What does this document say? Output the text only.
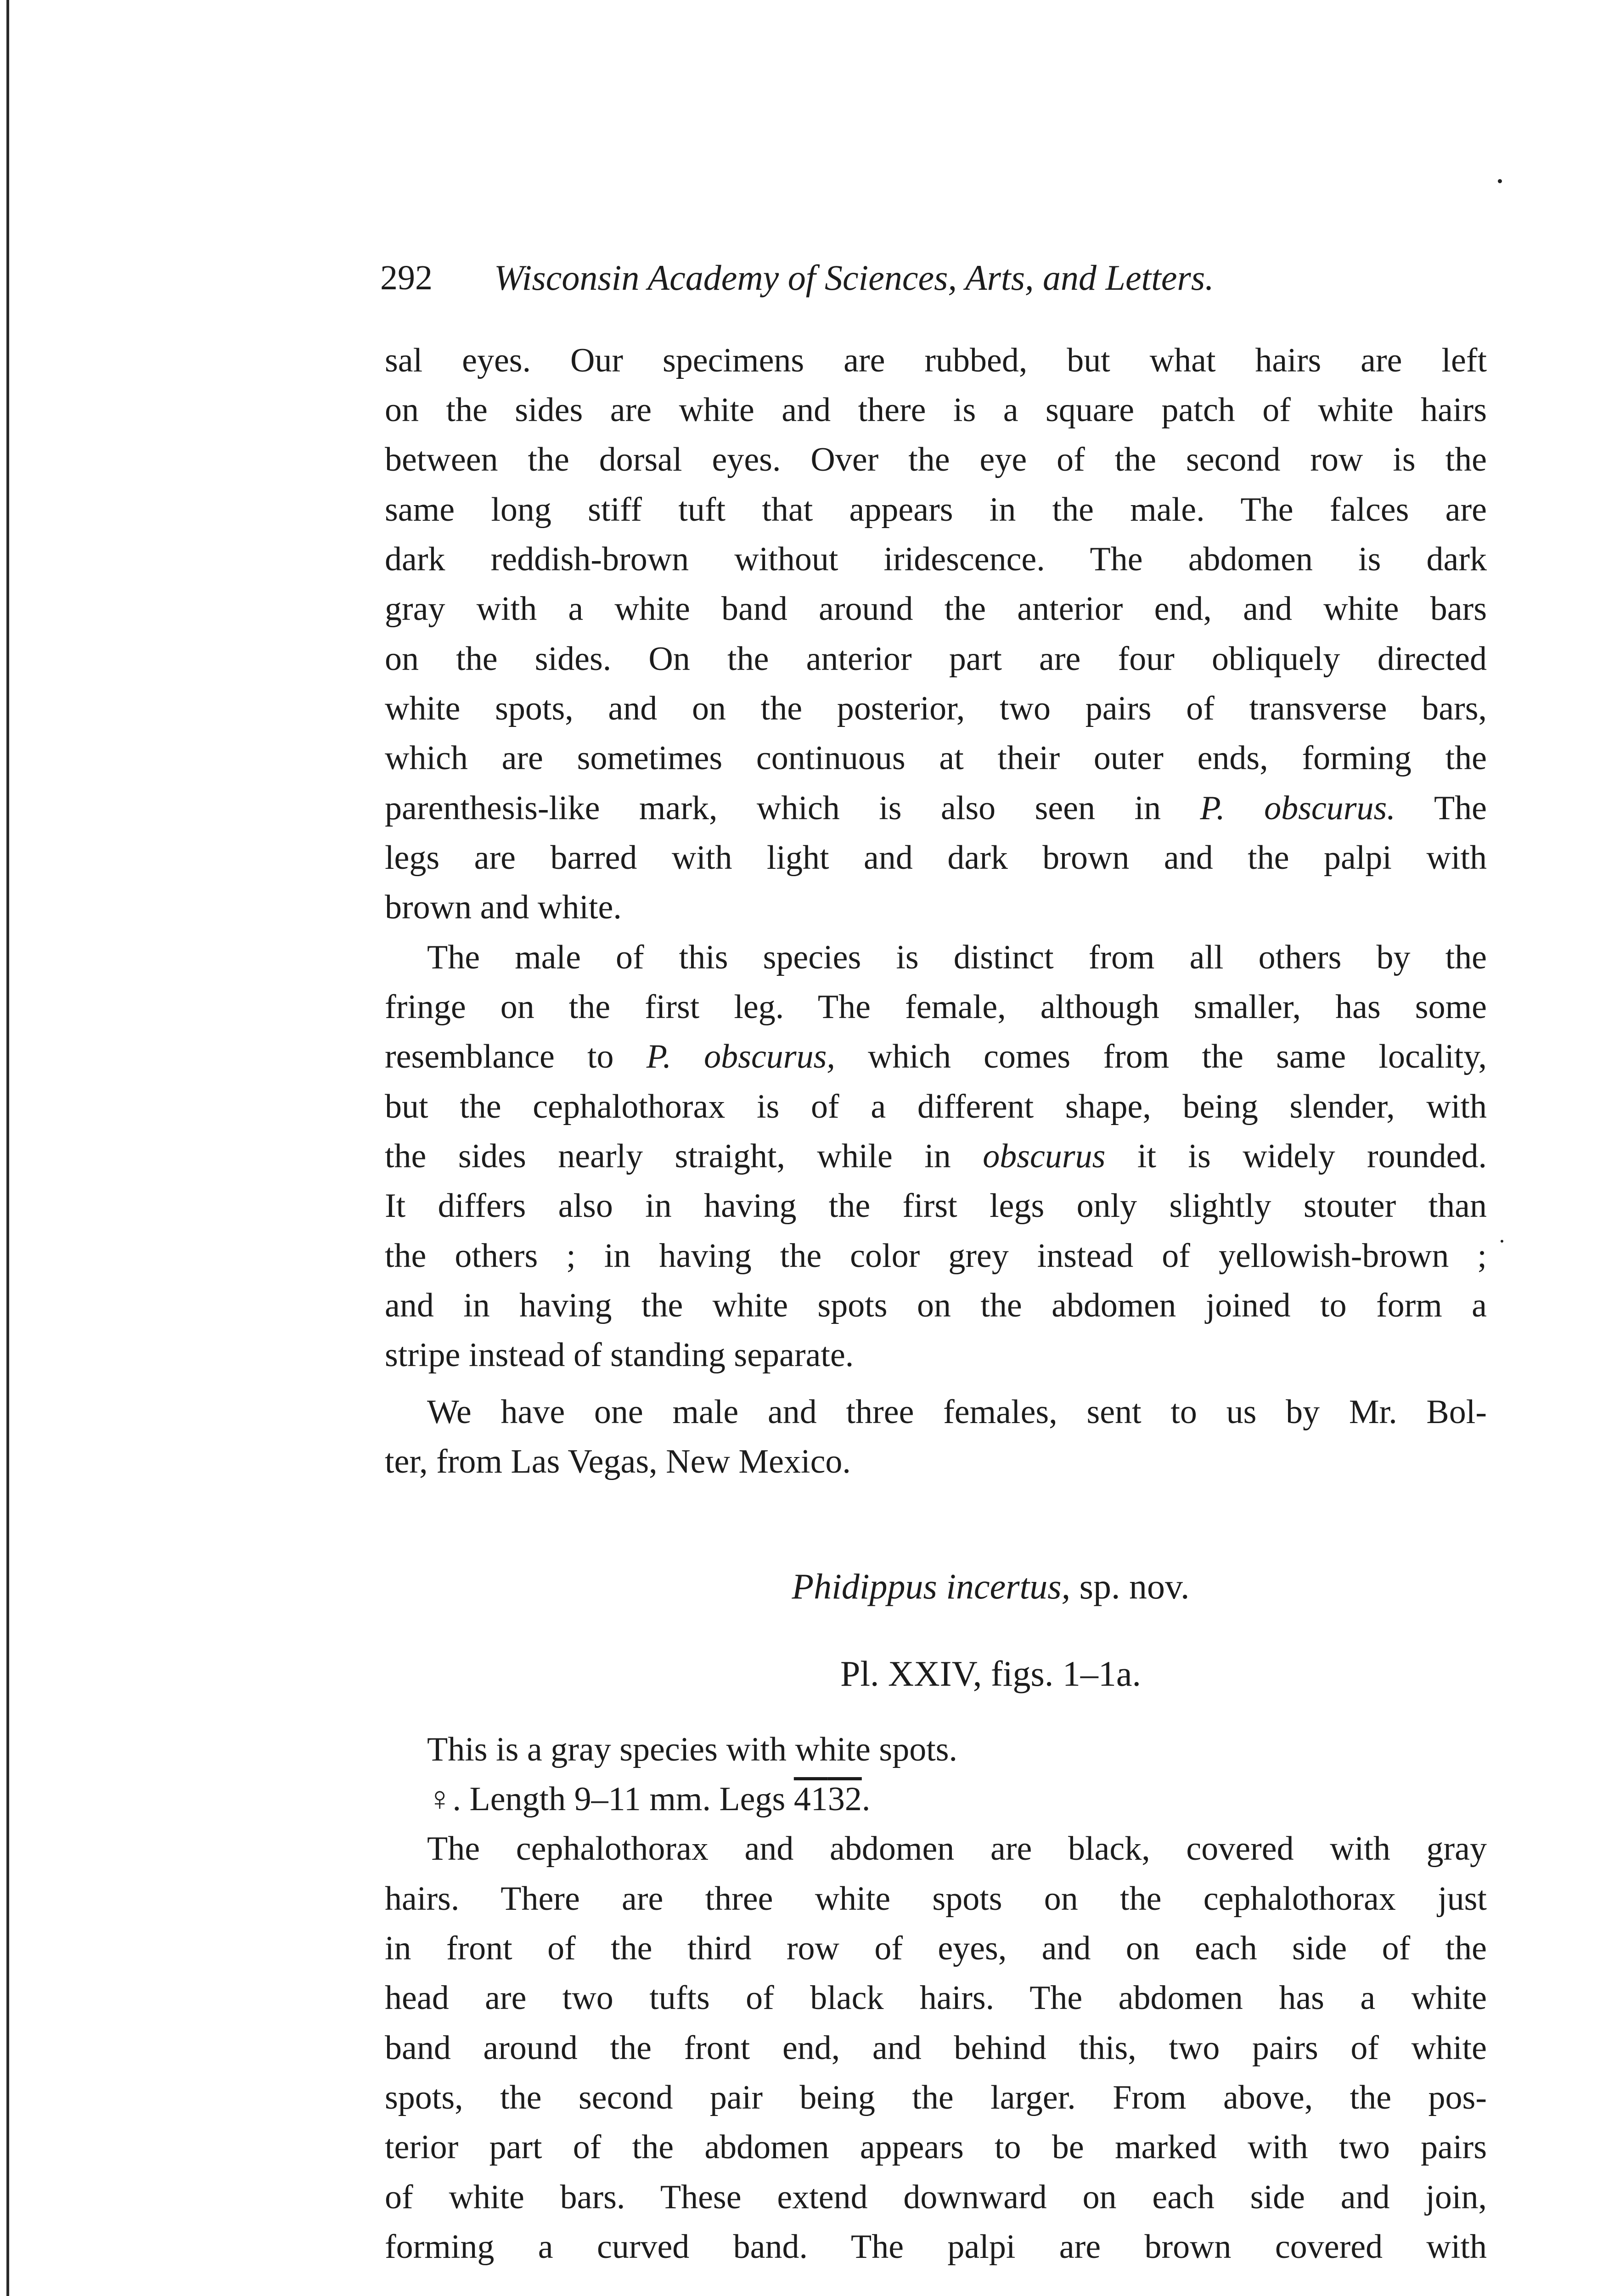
292 Wisconsin Academy of Sciences, Arts, and Letters.
sal eyes. Our specimens are rubbed, but what hairs are left
on the sides are white and there is a square patch of white hairs
between the dorsal eyes. Over the eye of the second row is the
same long stiff tuft that appears in the male. The falces are
dark reddish-brown without iridescence. The abdomen is dark
gray with a white band around the anterior end, and white bars
on the sides. On the anterior part are four obliquely directed
white spots, and on the posterior, two pairs of transverse bars,
which are sometimes continuous at their outer ends, forming the
parenthesis-like mark, which is also seen in P. obscurus. The
legs are barred with light and dark brown and the palpi with
brown and white.
The male of this species is distinct from all others by the
fringe on the first leg. The female, although smaller, has some
resemblance to P. obscurus, which comes from the same locality,
but the cephalothorax is of a different shape, being slender, with
the sides nearly straight, while in obscurus it is widely rounded.
It differs also in having the first legs only slightly stouter than
the others ; in having the color grey instead of yellowish-brown ;
and in having the white spots on the abdomen joined to form a
stripe instead of standing separate.
We have one male and three females, sent to us by Mr. Bol-
ter, from Las Vegas, New Mexico.
Phidippus incertus, sp. nov.
Pl. XXIV, figs. 1–1a.
This is a gray species with white spots.
♀. Length 9–11 mm. Legs 4132.
The cephalothorax and abdomen are black, covered with gray
hairs. There are three white spots on the cephalothorax just
in front of the third row of eyes, and on each side of the
head are two tufts of black hairs. The abdomen has a white
band around the front end, and behind this, two pairs of white
spots, the second pair being the larger. From above, the pos-
terior part of the abdomen appears to be marked with two pairs
of white bars. These extend downward on each side and join,
forming a curved band. The palpi are brown covered with
